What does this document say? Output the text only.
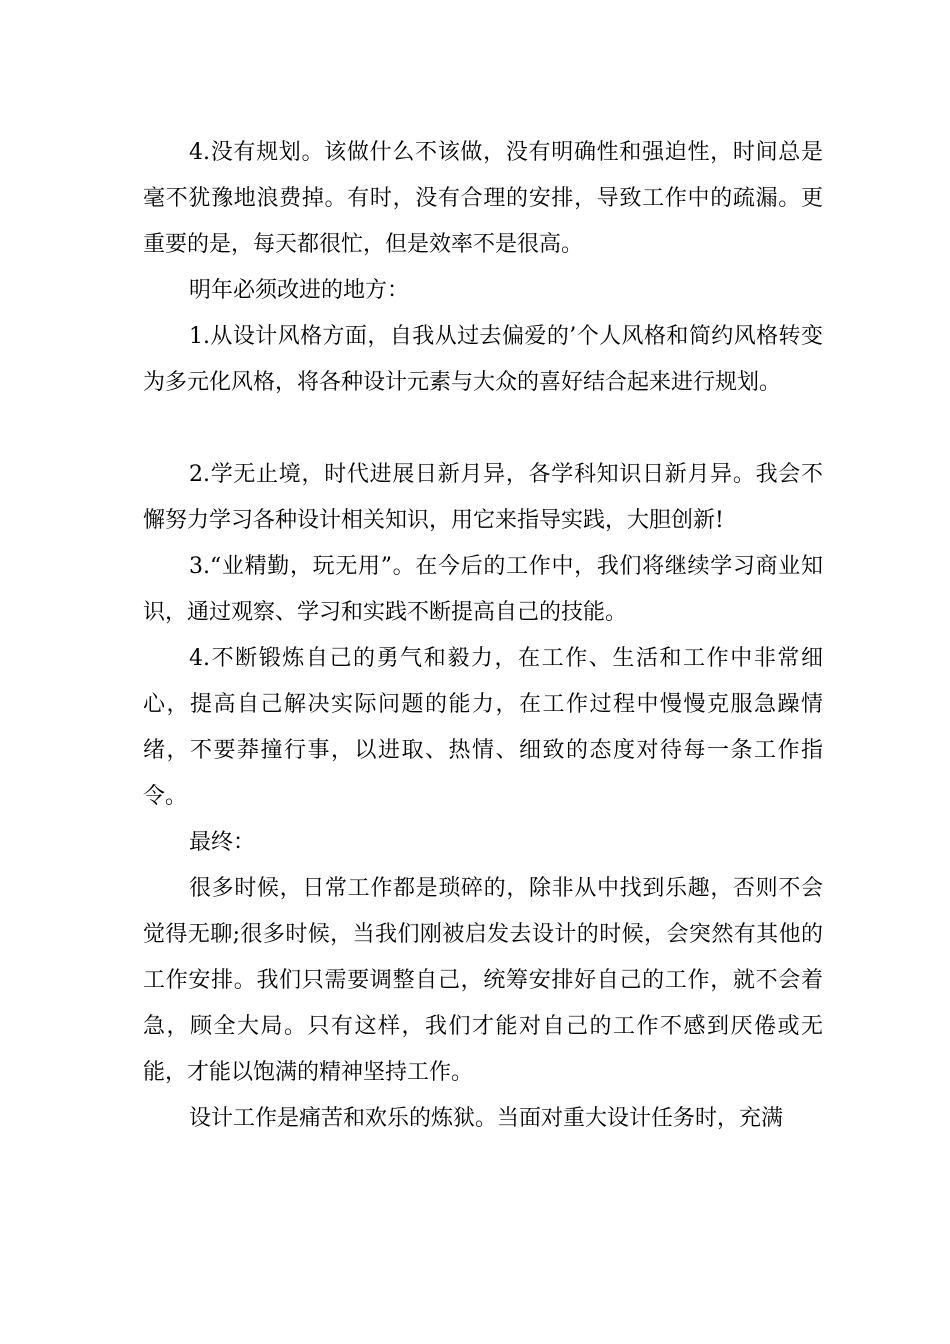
4.没有规划。该做什么不该做，没有明确性和强迫性，时间总是毫不犹豫地浪费掉。有时，没有合理的安排，导致工作中的疏漏。更重要的是，每天都很忙，但是效率不是很高。

明年必须改进的地方：

1.从设计风格方面，自我从过去偏爱的’个人风格和简约风格转变为多元化风格，将各种设计元素与大众的喜好结合起来进行规划。

2.学无止境，时代进展日新月异，各学科知识日新月异。我会不懈努力学习各种设计相关知识，用它来指导实践，大胆创新!

3.“业精勤，玩无用”。在今后的工作中，我们将继续学习商业知识，通过观察、学习和实践不断提高自己的技能。

4.不断锻炼自己的勇气和毅力，在工作、生活和工作中非常细心，提高自己解决实际问题的能力，在工作过程中慢慢克服急躁情绪，不要莽撞行事，以进取、热情、细致的态度对待每一条工作指令。

最终：

很多时候，日常工作都是琐碎的，除非从中找到乐趣，否则不会觉得无聊;很多时候，当我们刚被启发去设计的时候，会突然有其他的工作安排。我们只需要调整自己，统筹安排好自己的工作，就不会着急，顾全大局。只有这样，我们才能对自己的工作不感到厌倦或无能，才能以饱满的精神坚持工作。

设计工作是痛苦和欢乐的炼狱。当面对重大设计任务时，充满
